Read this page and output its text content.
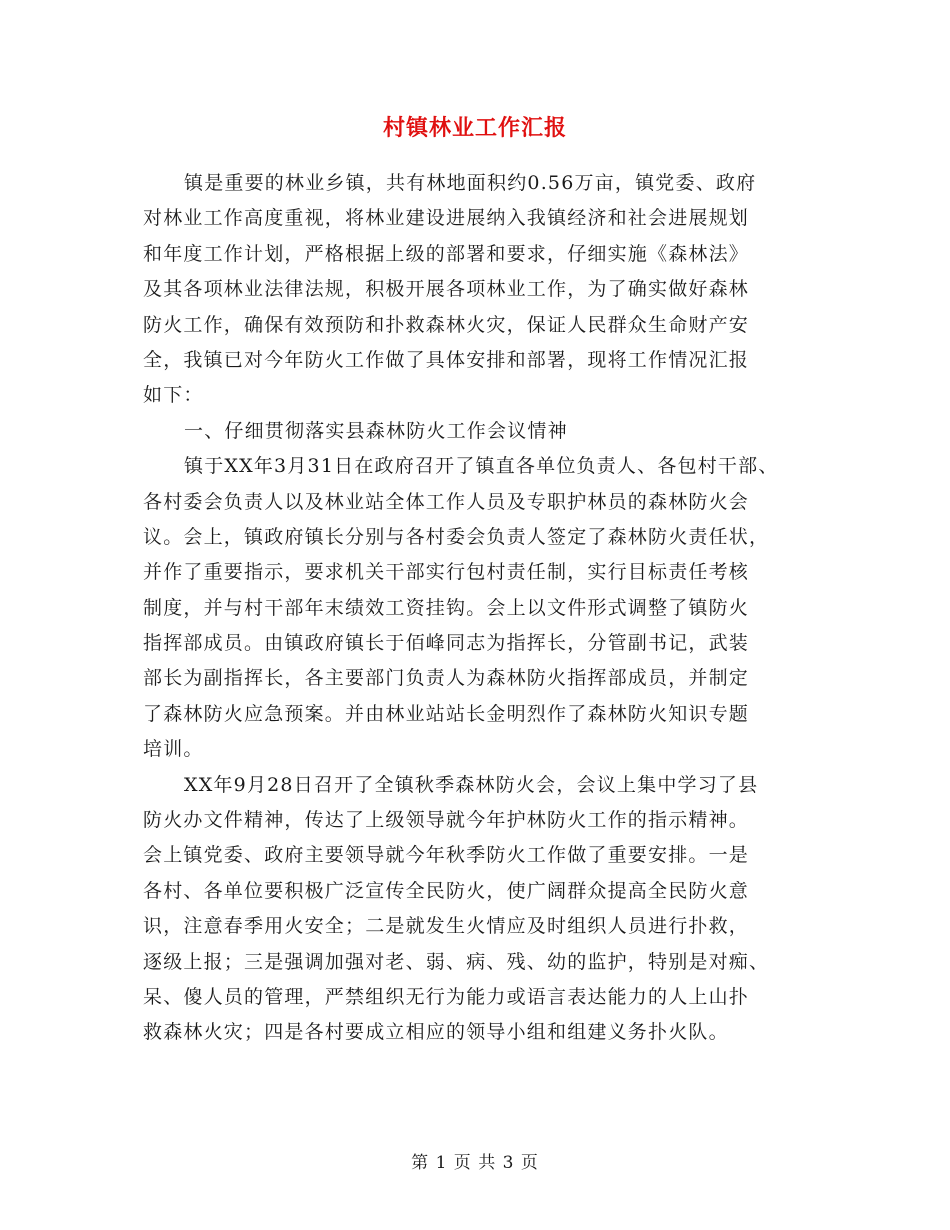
村镇林业工作汇报
镇是重要的林业乡镇，共有林地面积约0.56万亩，镇党委、政府
对林业工作高度重视，将林业建设进展纳入我镇经济和社会进展规划
和年度工作计划，严格根据上级的部署和要求，仔细实施《森林法》
及其各项林业法律法规，积极开展各项林业工作，为了确实做好森林
防火工作，确保有效预防和扑救森林火灾，保证人民群众生命财产安
全，我镇已对今年防火工作做了具体安排和部署，现将工作情况汇报
如下：
一、仔细贯彻落实县森林防火工作会议情神
镇于XX年3月31日在政府召开了镇直各单位负责人、各包村干部、
各村委会负责人以及林业站全体工作人员及专职护林员的森林防火会
议。会上，镇政府镇长分别与各村委会负责人签定了森林防火责任状，
并作了重要指示，要求机关干部实行包村责任制，实行目标责任考核
制度，并与村干部年末绩效工资挂钩。会上以文件形式调整了镇防火
指挥部成员。由镇政府镇长于佰峰同志为指挥长，分管副书记，武装
部长为副指挥长，各主要部门负责人为森林防火指挥部成员，并制定
了森林防火应急预案。并由林业站站长金明烈作了森林防火知识专题
培训。
XX年9月28日召开了全镇秋季森林防火会，会议上集中学习了县
防火办文件精神，传达了上级领导就今年护林防火工作的指示精神。
会上镇党委、政府主要领导就今年秋季防火工作做了重要安排。一是
各村、各单位要积极广泛宣传全民防火，使广阔群众提高全民防火意
识，注意春季用火安全；二是就发生火情应及时组织人员进行扑救，
逐级上报；三是强调加强对老、弱、病、残、幼的监护，特别是对痴、
呆、傻人员的管理，严禁组织无行为能力或语言表达能力的人上山扑
救森林火灾；四是各村要成立相应的领导小组和组建义务扑火队。
第 1 页 共 3 页
